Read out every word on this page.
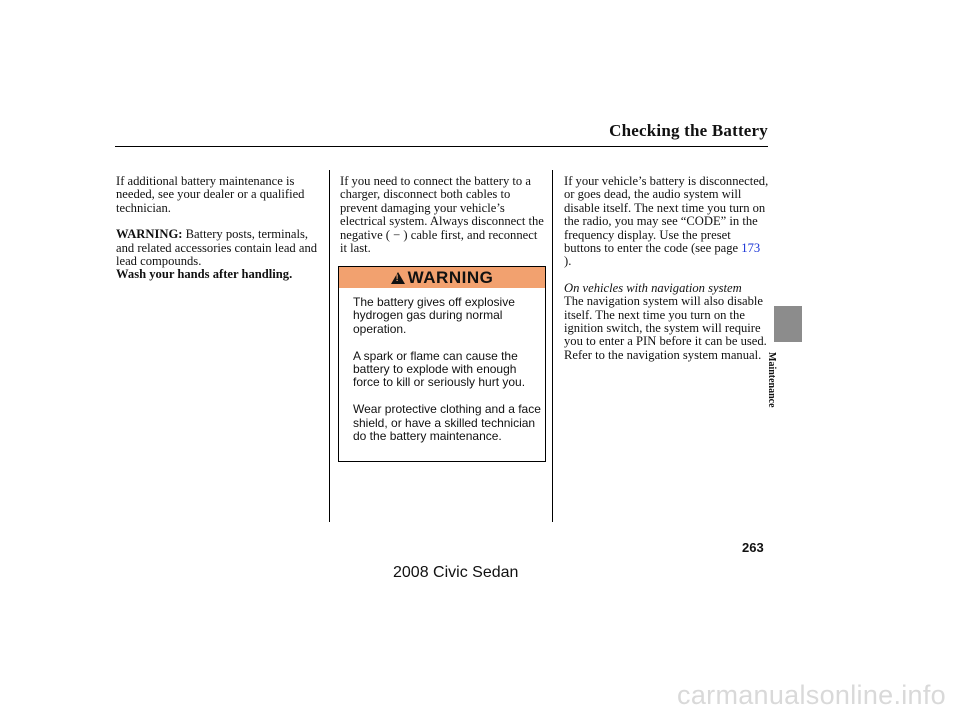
Checking the Battery
If additional battery maintenance is needed, see your dealer or a qualified technician.
WARNING: Battery posts, terminals, and related accessories contain lead and lead compounds.
Wash your hands after handling.
If you need to connect the battery to a charger, disconnect both cables to prevent damaging your vehicle’s electrical system. Always disconnect the negative ( − ) cable first, and reconnect it last.
!
WARNING

The battery gives off explosive hydrogen gas during normal operation.

A spark or flame can cause the battery to explode with enough force to kill or seriously hurt you.

Wear protective clothing and a face shield, or have a skilled technician do the battery maintenance.

If your vehicle’s battery is disconnected, or goes dead, the audio system will disable itself. The next time you turn on the radio, you may see “CODE” in the frequency display. Use the preset buttons to enter the code (see page 173 ).
On vehicles with navigation system
The navigation system will also disable itself. The next time you turn on the ignition switch, the system will require you to enter a PIN before it can be used. Refer to the navigation system manual. Maintenance
263
2008 Civic Sedan
carmanualsonline.info
